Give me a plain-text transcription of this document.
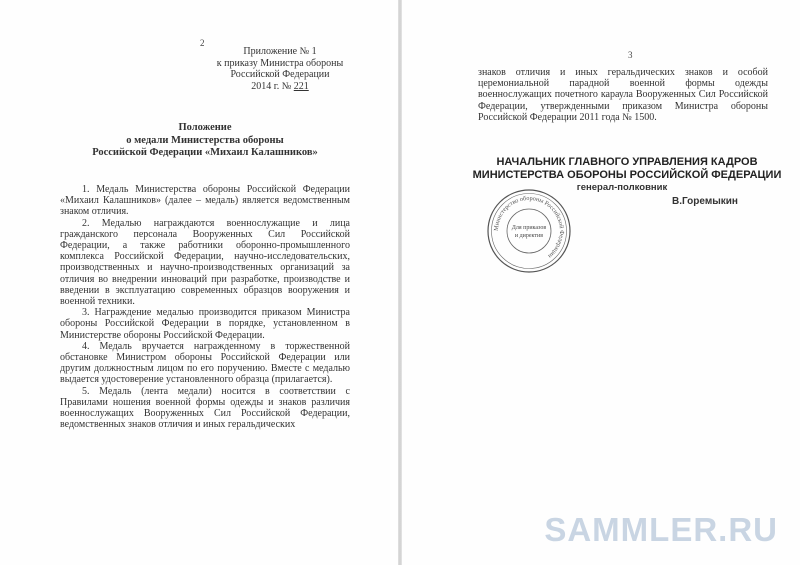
2
Приложение № 1
к приказу Министра обороны
Российской Федерации
2014 г. № 221
Положение
о медали Министерства обороны
Российской Федерации «Михаил Калашников»

1. Медаль Министерства обороны Российской Федерации «Михаил Калашников» (далее – медаль) является ведомственным знаком отличия.

2. Медалью награждаются военнослужащие и лица гражданского персонала Вооруженных Сил Российской Федерации, а также работники оборонно-промышленного комплекса Российской Федерации, научно-исследовательских, производственных и научно-производственных организаций за отличия во внедрении инноваций при разработке, производстве и введении в эксплуатацию современных образцов вооружения и военной техники.

3. Награждение медалью производится приказом Министра обороны Российской Федерации в порядке, установленном в Министерстве обороны Российской Федерации.

4. Медаль вручается награжденному в торжественной обстановке Министром обороны Российской Федерации или другим должностным лицом по его поручению. Вместе с медалью выдается удостоверение установленного образца (прилагается).

5. Медаль (лента медали) носится в соответствии с Правилами ношения военной формы одежды и знаков различия военнослужащих Вооруженных Сил Российской Федерации, ведомственных знаков отличия и иных геральдических

3

знаков отличия и иных геральдических знаков и особой церемониальной парадной военной формы одежды военнослужащих почетного караула Вооруженных Сил Российской Федерации, утвержденными приказом Министра обороны Российской Федерации 2011 года № 1500.

НАЧАЛЬНИК ГЛАВНОГО УПРАВЛЕНИЯ КАДРОВ
МИНИСТЕРСТВА ОБОРОНЫ РОССИЙСКОЙ ФЕДЕРАЦИИ
генерал-полковник
В.Горемыкин
Министерство обороны Российской Федерации
Для приказов
и директив
SAMMLER.RU
